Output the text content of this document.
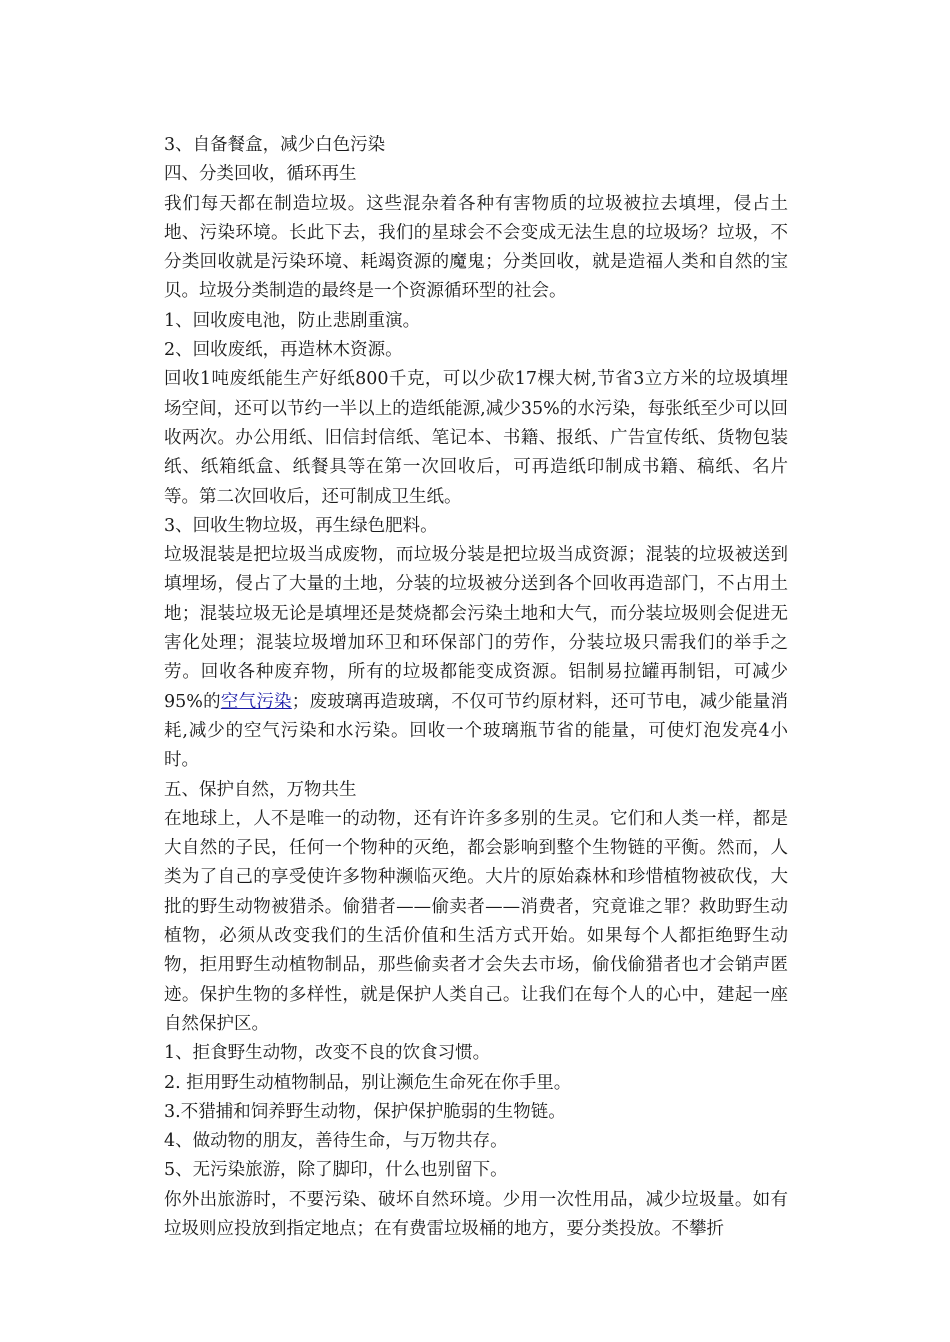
3、自备餐盒，减少白色污染

四、分类回收，循环再生

我们每天都在制造垃圾。这些混杂着各种有害物质的垃圾被拉去填埋，侵占土地、污染环境。长此下去，我们的星球会不会变成无法生息的垃圾场？垃圾，不分类回收就是污染环境、耗竭资源的魔鬼；分类回收，就是造福人类和自然的宝贝。垃圾分类制造的最终是一个资源循环型的社会。

1、回收废电池，防止悲剧重演。

2、回收废纸，再造林木资源。

回收1吨废纸能生产好纸800千克，可以少砍17棵大树,节省3立方米的垃圾填埋场空间，还可以节约一半以上的造纸能源,减少35%的水污染，每张纸至少可以回收两次。办公用纸、旧信封信纸、笔记本、书籍、报纸、广告宣传纸、货物包装纸、纸箱纸盒、纸餐具等在第一次回收后，可再造纸印制成书籍、稿纸、名片等。第二次回收后，还可制成卫生纸。

3、回收生物垃圾，再生绿色肥料。

垃圾混装是把垃圾当成废物，而垃圾分装是把垃圾当成资源；混装的垃圾被送到填埋场，侵占了大量的土地，分装的垃圾被分送到各个回收再造部门，不占用土地；混装垃圾无论是填埋还是焚烧都会污染土地和大气，而分装垃圾则会促进无害化处理；混装垃圾增加环卫和环保部门的劳作，分装垃圾只需我们的举手之劳。回收各种废弃物，所有的垃圾都能变成资源。铝制易拉罐再制铝，可减少95%的空气污染；废玻璃再造玻璃，不仅可节约原材料，还可节电，减少能量消耗,减少的空气污染和水污染。回收一个玻璃瓶节省的能量，可使灯泡发亮4小时。

五、保护自然，万物共生

在地球上，人不是唯一的动物，还有许许多多别的生灵。它们和人类一样，都是大自然的子民，任何一个物种的灭绝，都会影响到整个生物链的平衡。然而，人类为了自己的享受使许多物种濒临灭绝。大片的原始森林和珍惜植物被砍伐，大批的野生动物被猎杀。偷猎者——偷卖者——消费者，究竟谁之罪？救助野生动植物，必须从改变我们的生活价值和生活方式开始。如果每个人都拒绝野生动物，拒用野生动植物制品，那些偷卖者才会失去市场，偷伐偷猎者也才会销声匿迹。保护生物的多样性，就是保护人类自己。让我们在每个人的心中，建起一座自然保护区。

1、拒食野生动物，改变不良的饮食习惯。

2. 拒用野生动植物制品，别让濒危生命死在你手里。

3.不猎捕和饲养野生动物，保护保护脆弱的生物链。

4、做动物的朋友，善待生命，与万物共存。

5、无污染旅游，除了脚印，什么也别留下。

你外出旅游时，不要污染、破坏自然环境。少用一次性用品，减少垃圾量。如有垃圾则应投放到指定地点；在有费雷垃圾桶的地方，要分类投放。不攀折
